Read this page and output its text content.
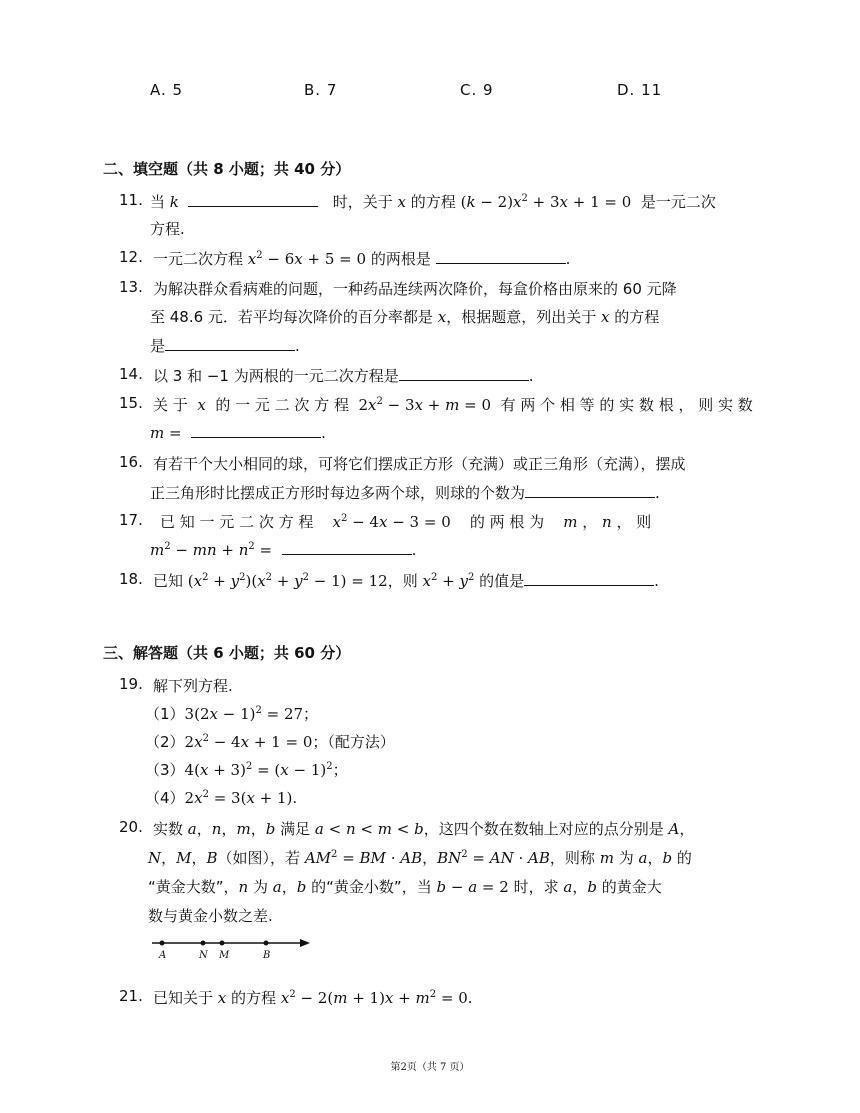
A. 5	B. 7	C. 9	D. 11
二、填空题（共 8 小题；共 40 分）
11. 当 k	时，关于 x 的方程 $(k - 2)x^2 + 3x + 1 = 0$ 是一元二次
方程.
12. 一元二次方程 $x^2 - 6x + 5 = 0$ 的两根是	.
13. 为解决群众看病难的问题，一种药品连续两次降价，每盒价格由原来的 60 元降
至 48.6 元．若平均每次降价的百分率都是 x，根据题意，列出关于 x 的方程
是	.
14. 以 3 和 −1 为两根的一元二次方程是	.
15. 关 于 x 的 一 元 二 次 方 程 $2x^2 - 3x + m = 0$ 有 两 个 相 等 的 实 数 根 ， 则 实 数
m =	.
16. 有若干个大小相同的球，可将它们摆成正方形（充满）或正三角形（充满），摆成
正三角形时比摆成正方形时每边多两个球，则球的个数为	.
17. 已 知 一 元 二 次 方 程 $x^2 - 4x - 3 = 0$ 的 两 根 为 m ， n ， 则
$m^2$ − mn + $n^2$ =	.
18. 已知 $(x^2 + y^2)(x^2 + y^2 - 1) = 12$，则 $x^2 + y^2$ 的值是	.
三、解答题（共 6 小题；共 60 分）
19. 解下列方程.
$(1)3(2x - 1)^2 = 27$；
$(2)2x^2 - 4x + 1 = 0$；（配方法）
$(3)4(x + 3)^2 = (x - 1)^2$；
$(4)2x^2 = 3(x + 1)$.
20. 实数 a，n，m，b 满足 a < n < m < b，这四个数在数轴上对应的点分别是 A，
N，M，B（如图），若 $AM^2$ = BM · AB，$BN^2$ = AN · AB，则称 m 为 a，b 的
“黄金大数”，n 为 a，b 的“黄金小数”，当 b − a = 2 时，求 a，b 的黄金大
数与黄金小数之差.
A	N M	B
21. 已知关于 x 的方程 $x^2 - 2(m + 1)x + m^2 = 0$.
第2页（共 7 页）
